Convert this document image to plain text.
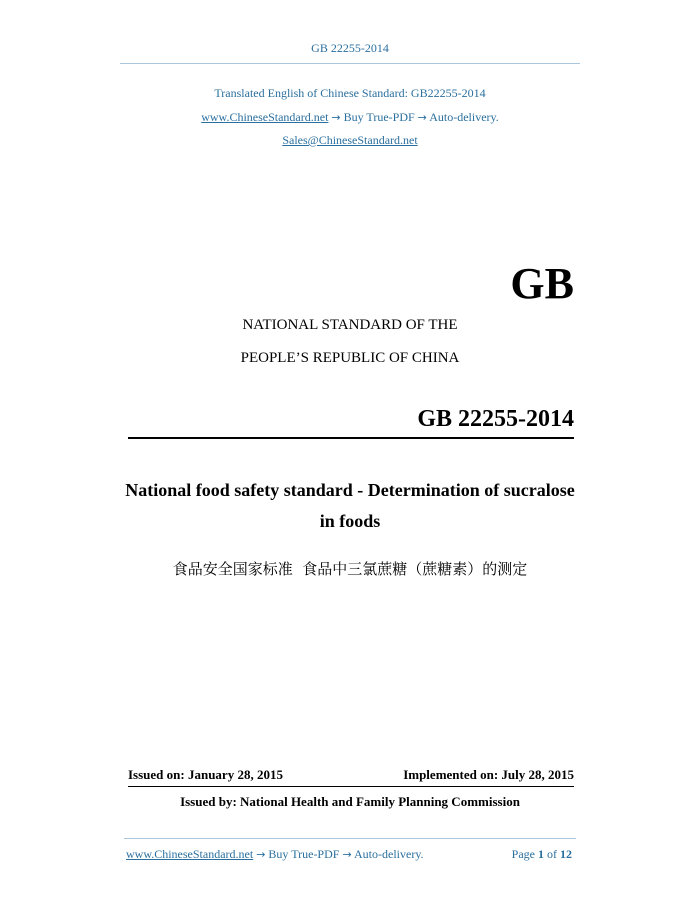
GB 22255-2014
Translated English of Chinese Standard: GB22255-2014
www.ChineseStandard.net → Buy True-PDF → Auto-delivery.
Sales@ChineseStandard.net
GB
NATIONAL STANDARD OF THE
PEOPLE’S REPUBLIC OF CHINA
GB 22255-2014
National food safety standard - Determination of sucralose
in foods
食品安全国家标准  食品中三氯蔗糖（蔗糖素）的测定
Issued on: January 28, 2015	Implemented on: July 28, 2015
Issued by: National Health and Family Planning Commission
www.ChineseStandard.net → Buy True-PDF → Auto-delivery.	Page 1 of 12
